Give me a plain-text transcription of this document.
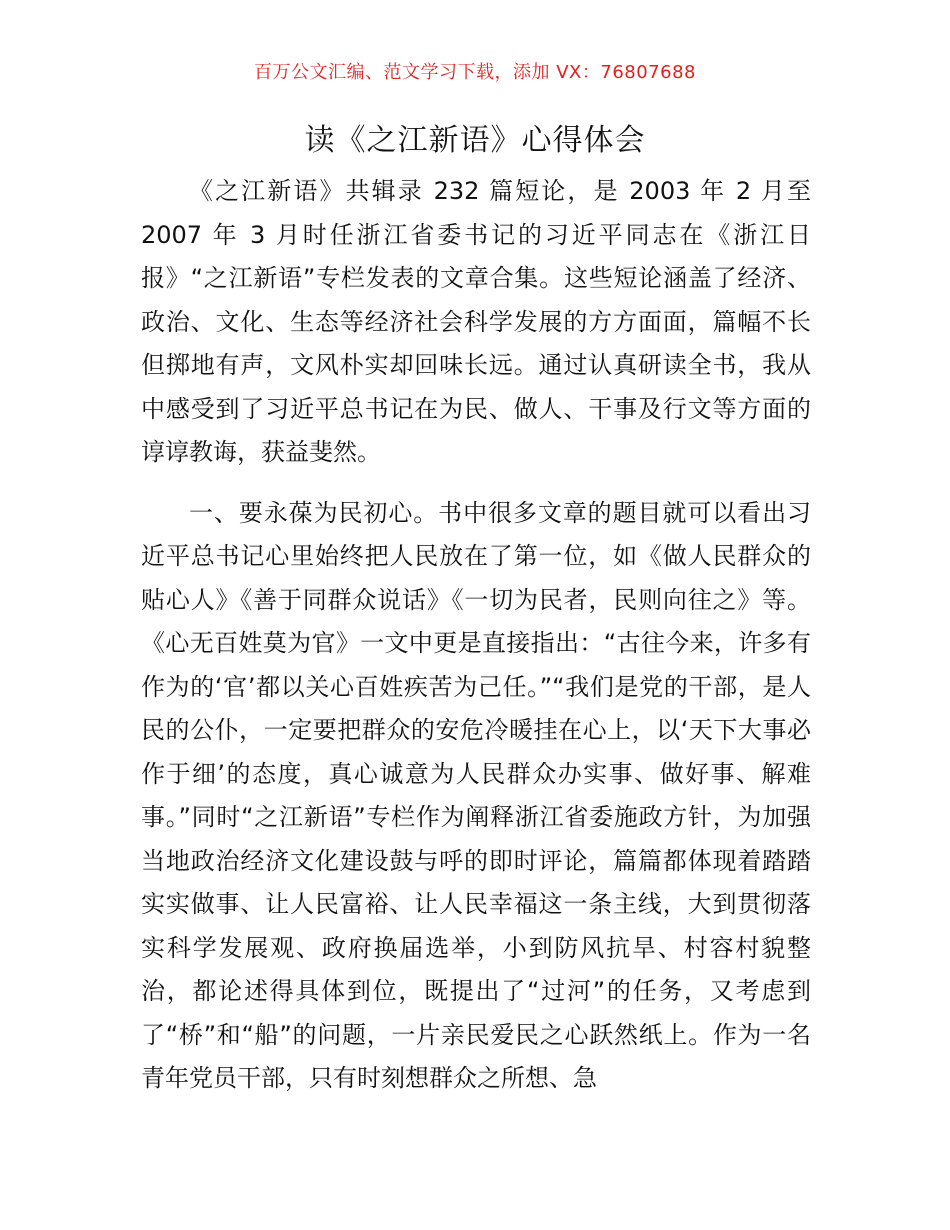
百万公文汇编、范文学习下载，添加 VX：76807688
读《之江新语》心得体会

《之江新语》共辑录 232 篇短论，是 2003 年 2 月至 2007 年 3 月时任浙江省委书记的习近平同志在《浙江日报》“之江新语”专栏发表的文章合集。这些短论涵盖了经济、政治、文化、生态等经济社会科学发展的方方面面，篇幅不长但掷地有声，文风朴实却回味长远。通过认真研读全书，我从中感受到了习近平总书记在为民、做人、干事及行文等方面的谆谆教诲，获益斐然。

一、要永葆为民初心。书中很多文章的题目就可以看出习近平总书记心里始终把人民放在了第一位，如《做人民群众的贴心人》《善于同群众说话》《一切为民者，民则向往之》等。《心无百姓莫为官》一文中更是直接指出：“古往今来，许多有作为的‘官’都以关心百姓疾苦为己任。”“我们是党的干部，是人民的公仆，一定要把群众的安危冷暖挂在心上，以‘天下大事必作于细’的态度，真心诚意为人民群众办实事、做好事、解难事。”同时“之江新语”专栏作为阐释浙江省委施政方针，为加强当地政治经济文化建设鼓与呼的即时评论，篇篇都体现着踏踏实实做事、让人民富裕、让人民幸福这一条主线，大到贯彻落实科学发展观、政府换届选举，小到防风抗旱、村容村貌整治，都论述得具体到位，既提出了“过河”的任务，又考虑到了“桥”和“船”的问题，一片亲民爱民之心跃然纸上。作为一名青年党员干部，只有时刻想群众之所想、急
